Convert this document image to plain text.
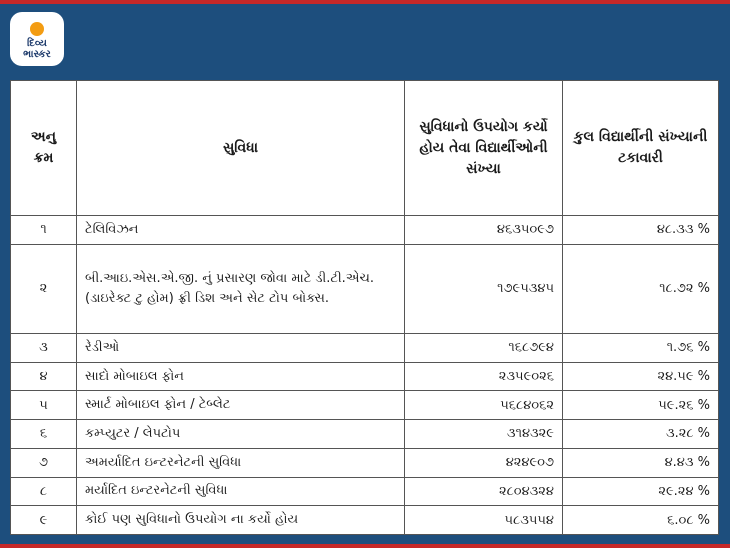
દિવ્ય
ભાસ્કર
અનુ ક્રમ	સુવિધા	સુવિધાનો ઉપયોગ કર્યો હોય તેવા વિદ્યાર્થીઓની સંખ્યા	કુલ વિદ્યાર્થીની સંખ્યાની ટકાવારી
૧	ટેલિવિઝન	૪૬૩૫૦૯૭	૪૮.૩૩ %
૨	બી.આઇ.એસ.એ.જી. નું પ્રસારણ જોવા માટે ડી.ટી.એચ. (ડાઇરેક્ટ ટુ હોમ) ફ્રી ડિશ અને સેટ ટોપ બોક્સ.	૧૭૯૫૩૪૫	૧૮.૭૨ %
૩	રેડીઓ	૧૬૮૭૯૪	૧.૭૬ %
૪	સાદો મોબાઇલ ફોન	૨૩૫૯૦૨૬	૨૪.૫૯ %
૫	સ્માર્ટ મોબાઇલ ફોન / ટેબ્લેટ	૫૬૮૪૦૬૨	૫૯.૨૬ %
૬	કમ્પ્યુટર / લેપટોપ	૩૧૪૩૨૯	૩.૨૮ %
૭	અમર્યાદિત ઇન્ટરનેટની સુવિધા	૪૨૪૯૦૭	૪.૪૩ %
૮	મર્યાદિત ઇન્ટરનેટની સુવિધા	૨૮૦૪૩૨૪	૨૯.૨૪ %
૯	કોઈ પણ સુવિધાનો ઉપયોગ ના કર્યો હોય	૫૮૩૫૫૪	૬.૦૮ %
